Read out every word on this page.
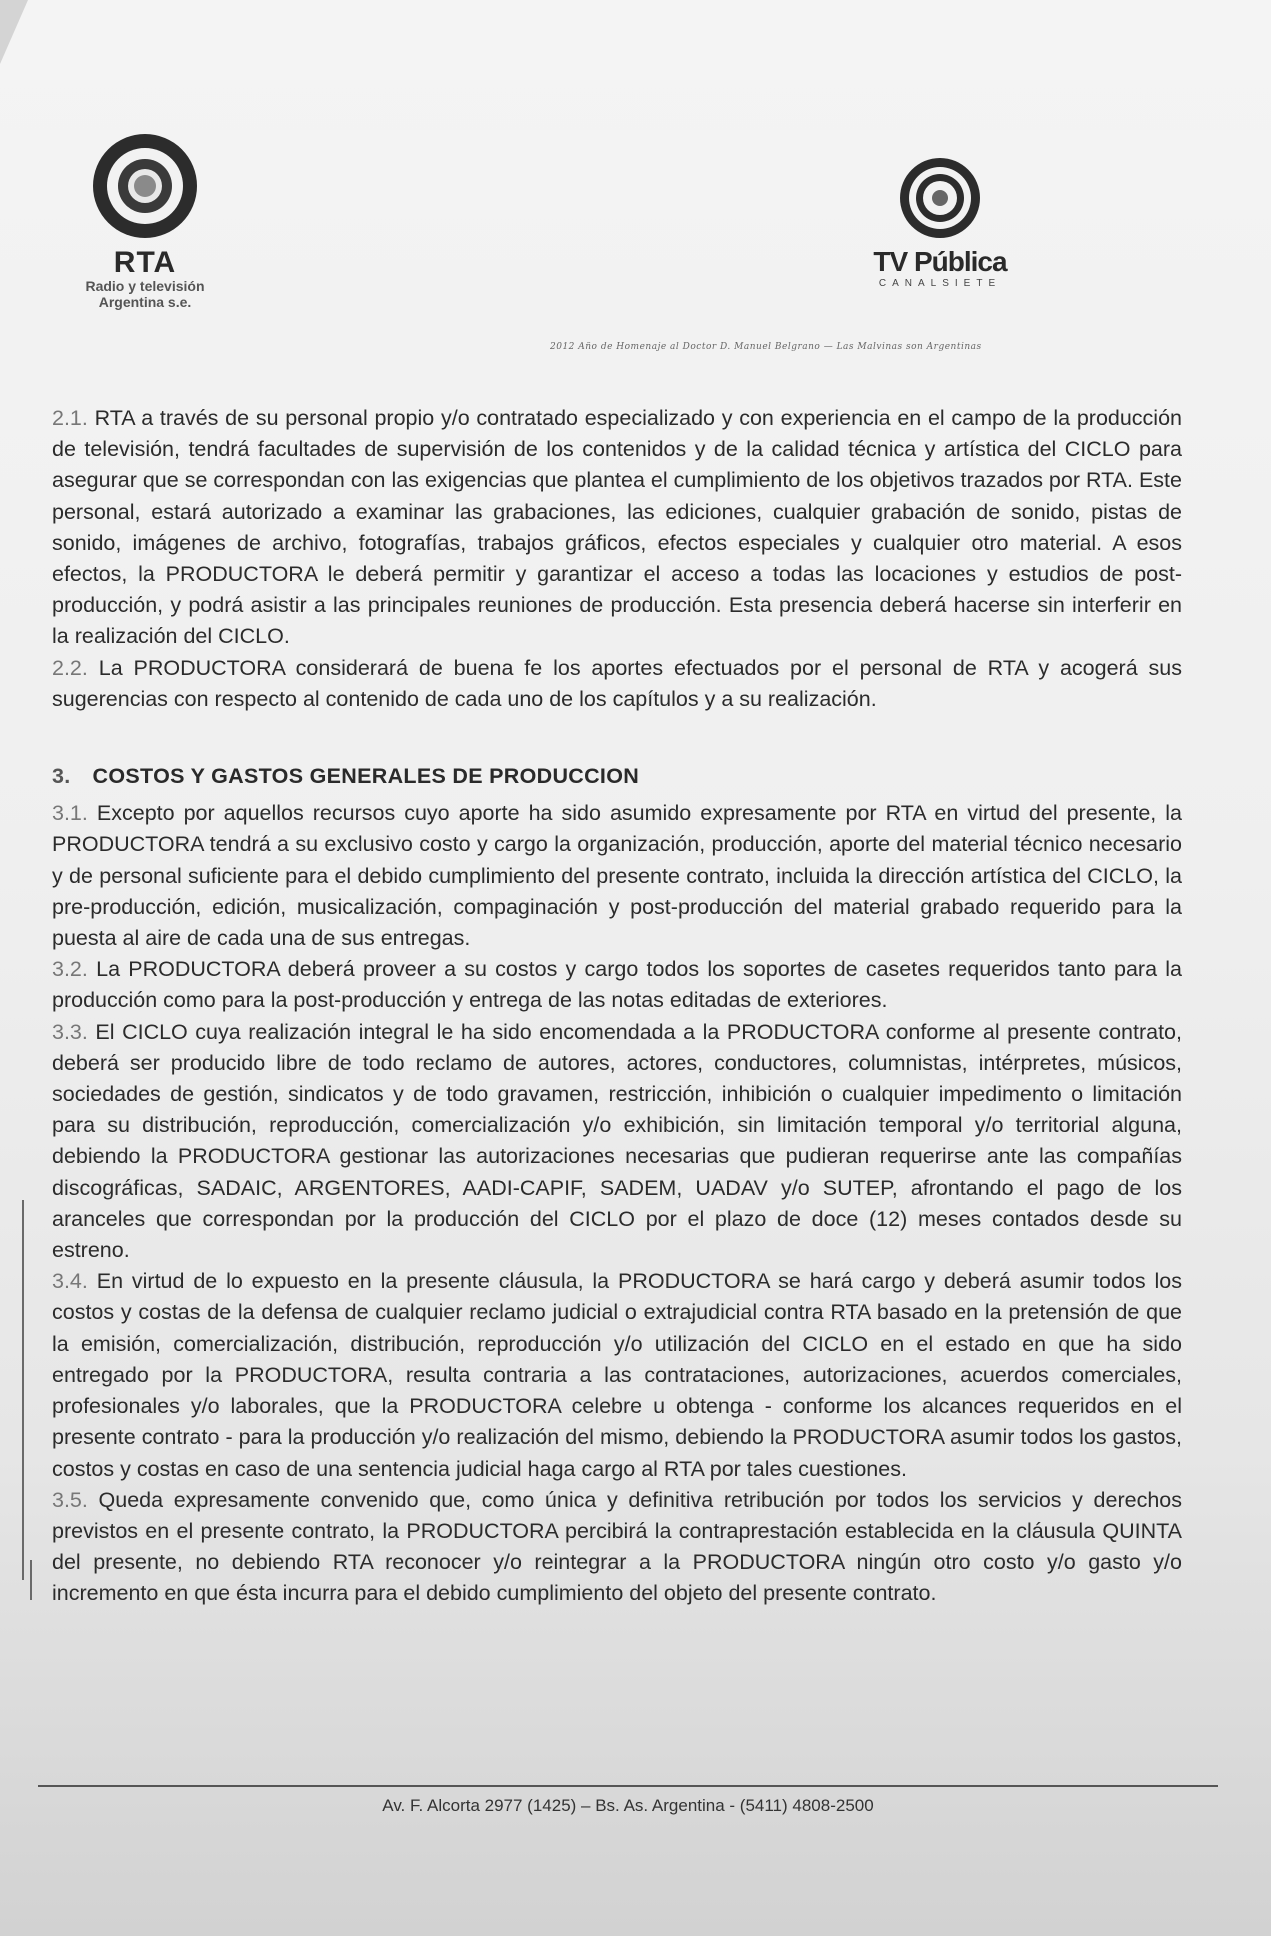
RTA
Radio y televisión
Argentina s.e.
TV Pública
CANALSIETE
2012 Año de Homenaje al Doctor D. Manuel Belgrano — Las Malvinas son Argentinas

2.1. RTA a través de su personal propio y/o contratado especializado y con experiencia en el campo de la producción de televisión, tendrá facultades de supervisión de los contenidos y de la calidad técnica y artística del CICLO para asegurar que se correspondan con las exigencias que plantea el cumplimiento de los objetivos trazados por RTA. Este personal, estará autorizado a examinar las grabaciones, las ediciones, cualquier grabación de sonido, pistas de sonido, imágenes de archivo, fotografías, trabajos gráficos, efectos especiales y cualquier otro material. A esos efectos, la PRODUCTORA le deberá permitir y garantizar el acceso a todas las locaciones y estudios de post-producción, y podrá asistir a las principales reuniones de producción. Esta presencia deberá hacerse sin interferir en la realización del CICLO.

2.2. La PRODUCTORA considerará de buena fe los aportes efectuados por el personal de RTA y acogerá sus sugerencias con respecto al contenido de cada uno de los capítulos y a su realización.

3. COSTOS Y GASTOS GENERALES DE PRODUCCION

3.1. Excepto por aquellos recursos cuyo aporte ha sido asumido expresamente por RTA en virtud del presente, la PRODUCTORA tendrá a su exclusivo costo y cargo la organización, producción, aporte del material técnico necesario y de personal suficiente para el debido cumplimiento del presente contrato, incluida la dirección artística del CICLO, la pre-producción, edición, musicalización, compaginación y post-producción del material grabado requerido para la puesta al aire de cada una de sus entregas.

3.2. La PRODUCTORA deberá proveer a su costos y cargo todos los soportes de casetes requeridos tanto para la producción como para la post-producción y entrega de las notas editadas de exteriores.

3.3. El CICLO cuya realización integral le ha sido encomendada a la PRODUCTORA conforme al presente contrato, deberá ser producido libre de todo reclamo de autores, actores, conductores, columnistas, intérpretes, músicos, sociedades de gestión, sindicatos y de todo gravamen, restricción, inhibición o cualquier impedimento o limitación para su distribución, reproducción, comercialización y/o exhibición, sin limitación temporal y/o territorial alguna, debiendo la PRODUCTORA gestionar las autorizaciones necesarias que pudieran requerirse ante las compañías discográficas, SADAIC, ARGENTORES, AADI-CAPIF, SADEM, UADAV y/o SUTEP, afrontando el pago de los aranceles que correspondan por la producción del CICLO por el plazo de doce (12) meses contados desde su estreno.

3.4. En virtud de lo expuesto en la presente cláusula, la PRODUCTORA se hará cargo y deberá asumir todos los costos y costas de la defensa de cualquier reclamo judicial o extrajudicial contra RTA basado en la pretensión de que la emisión, comercialización, distribución, reproducción y/o utilización del CICLO en el estado en que ha sido entregado por la PRODUCTORA, resulta contraria a las contrataciones, autorizaciones, acuerdos comerciales, profesionales y/o laborales, que la PRODUCTORA celebre u obtenga - conforme los alcances requeridos en el presente contrato - para la producción y/o realización del mismo, debiendo la PRODUCTORA asumir todos los gastos, costos y costas en caso de una sentencia judicial haga cargo al RTA por tales cuestiones.

3.5. Queda expresamente convenido que, como única y definitiva retribución por todos los servicios y derechos previstos en el presente contrato, la PRODUCTORA percibirá la contraprestación establecida en la cláusula QUINTA del presente, no debiendo RTA reconocer y/o reintegrar a la PRODUCTORA ningún otro costo y/o gasto y/o incremento en que ésta incurra para el debido cumplimiento del objeto del presente contrato.

Av. F. Alcorta 2977 (1425) – Bs. As. Argentina - (5411) 4808-2500
